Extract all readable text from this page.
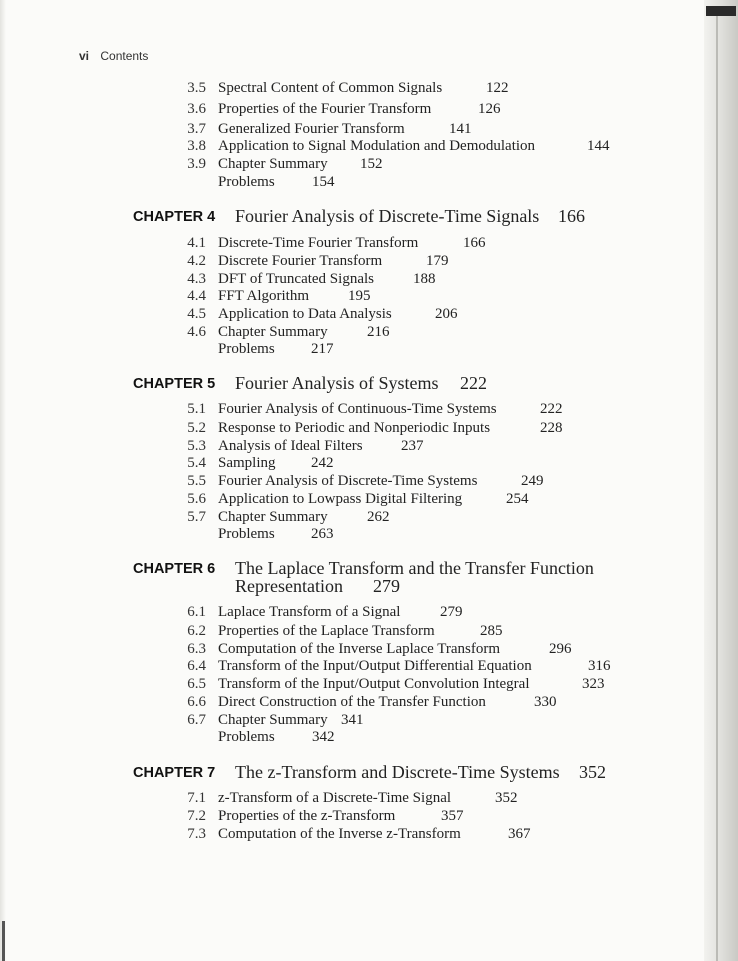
vi Contents
3.5 Spectral Content of Common Signals	122
3.6 Properties of the Fourier Transform	126
3.7 Generalized Fourier Transform	141
3.8 Application to Signal Modulation and Demodulation	144
3.9 Chapter Summary 152
Problems 154
CHAPTER 4 Fourier Analysis of Discrete-Time Signals 166
4.1 Discrete-Time Fourier Transform	166
4.2 Discrete Fourier Transform	179
4.3 DFT of Truncated Signals	188
4.4 FFT Algorithm	195
4.5 Application to Data Analysis	206
4.6 Chapter Summary	216
Problems 217
CHAPTER 5 Fourier Analysis of Systems 222
5.1 Fourier Analysis of Continuous-Time Systems	222
5.2 Response to Periodic and Nonperiodic Inputs	228
5.3 Analysis of Ideal Filters	237
5.4 Sampling 242
5.5 Fourier Analysis of Discrete-Time Systems	249
5.6 Application to Lowpass Digital Filtering	254
5.7 Chapter Summary	262
Problems 263
CHAPTER 6 The Laplace Transform and the Transfer Function
Representation 279
6.1 Laplace Transform of a Signal	279
6.2 Properties of the Laplace Transform	285
6.3 Computation of the Inverse Laplace Transform	296
6.4 Transform of the Input/Output Differential Equation	316
6.5 Transform of the Input/Output Convolution Integral	323
6.6 Direct Construction of the Transfer Function	330
6.7 Chapter Summary 341
Problems 342
CHAPTER 7 The z-Transform and Discrete-Time Systems 352
7.1 z-Transform of a Discrete-Time Signal	352
7.2 Properties of the z-Transform	357
7.3 Computation of the Inverse z-Transform	367
